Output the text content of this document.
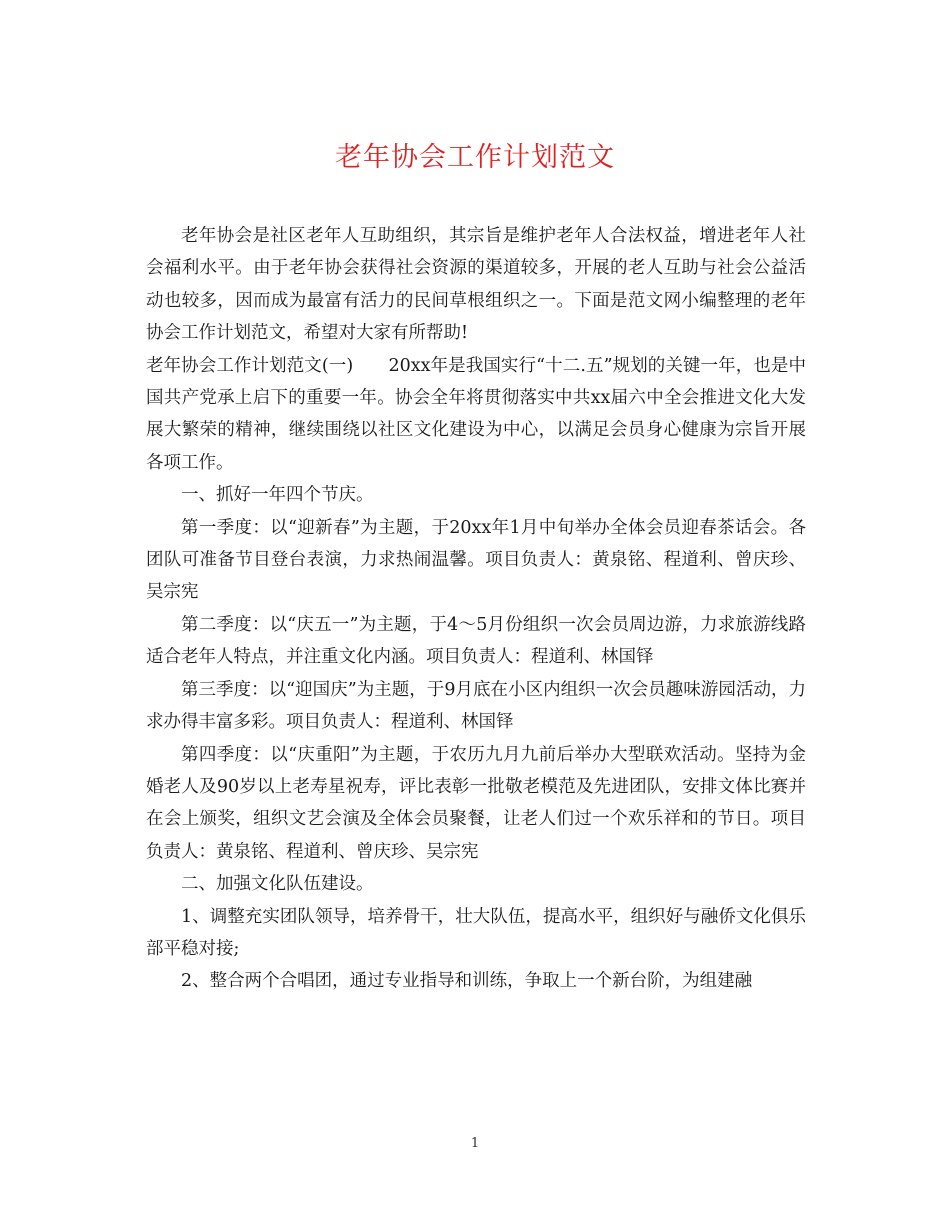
老年协会工作计划范文

老年协会是社区老年人互助组织，其宗旨是维护老年人合法权益，增进老年人社会福利水平。由于老年协会获得社会资源的渠道较多，开展的老人互助与社会公益活动也较多，因而成为最富有活力的民间草根组织之一。下面是范文网小编整理的老年协会工作计划范文，希望对大家有所帮助!

老年协会工作计划范文(一)　　20xx年是我国实行“十二.五”规划的关键一年，也是中国共产党承上启下的重要一年。协会全年将贯彻落实中共xx届六中全会推进文化大发展大繁荣的精神，继续围绕以社区文化建设为中心，以满足会员身心健康为宗旨开展各项工作。

一、抓好一年四个节庆。

第一季度：以“迎新春”为主题，于20xx年1月中旬举办全体会员迎春茶话会。各团队可准备节目登台表演，力求热闹温馨。项目负责人：黄泉铭、程道利、曾庆珍、吴宗宪

第二季度：以“庆五一”为主题，于4～5月份组织一次会员周边游，力求旅游线路适合老年人特点，并注重文化内涵。项目负责人：程道利、林国铎

第三季度：以“迎国庆”为主题，于9月底在小区内组织一次会员趣味游园活动，力求办得丰富多彩。项目负责人：程道利、林国铎

第四季度：以“庆重阳”为主题，于农历九月九前后举办大型联欢活动。坚持为金婚老人及90岁以上老寿星祝寿，评比表彰一批敬老模范及先进团队，安排文体比赛并在会上颁奖，组织文艺会演及全体会员聚餐，让老人们过一个欢乐祥和的节日。项目负责人：黄泉铭、程道利、曾庆珍、吴宗宪

二、加强文化队伍建设。

1、调整充实团队领导，培养骨干，壮大队伍，提高水平，组织好与融侨文化俱乐部平稳对接;

2、整合两个合唱团，通过专业指导和训练，争取上一个新台阶，为组建融

1
